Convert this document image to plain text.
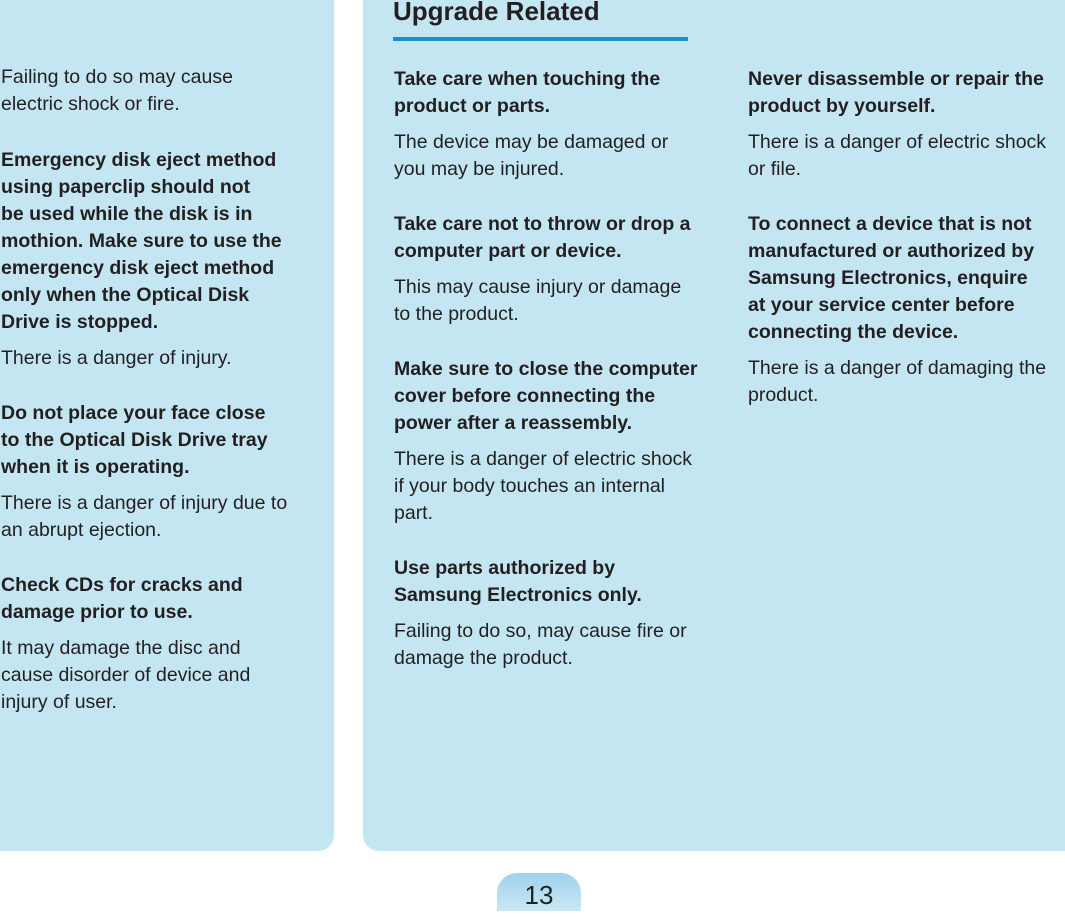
Upgrade Related

Failing to do so may cause
electric shock or fire.

Emergency disk eject method
using paperclip should not
be used while the disk is in
mothion. Make sure to use the
emergency disk eject method
only when the Optical Disk
Drive is stopped.

There is a danger of injury.

Do not place your face close
to the Optical Disk Drive tray
when it is operating.

There is a danger of injury due to
an abrupt ejection.

Check CDs for cracks and
damage prior to use.

It may damage the disc and
cause disorder of device and
injury of user.

Take care when touching the
product or parts.

The device may be damaged or
you may be injured.

Take care not to throw or drop a
computer part or device.

This may cause injury or damage
to the product.

Make sure to close the computer
cover before connecting the
power after a reassembly.

There is a danger of electric shock
if your body touches an internal
part.

Use parts authorized by
Samsung Electronics only.

Failing to do so, may cause fire or
damage the product.

Never disassemble or repair the
product by yourself.

There is a danger of electric shock
or file.

To connect a device that is not
manufactured or authorized by
Samsung Electronics, enquire
at your service center before
connecting the device.

There is a danger of damaging the
product.

13
